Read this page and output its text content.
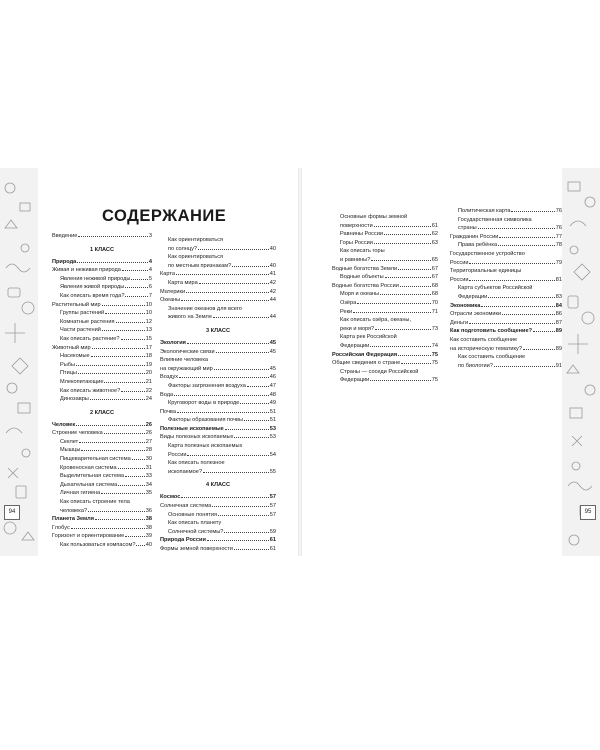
94	95
СОДЕРЖАНИЕ
Введение	3
1 КЛАСС
Природа	4
Живая и неживая природа	4
Явления неживой природы	5
Явления живой природы	6
Как описать время года?	7
Растительный мир	10
Группы растений	10
Комнатные растения	12
Части растений	13
Как описать растение?	15
Животный мир	17
Насекомые	18
Рыбы	19
Птицы	20
Млекопитающие	21
Как описать животное?	22
Динозавры	24
2 КЛАСС
Человек	26
Строение человека	26
Скелет	27
Мышцы	28
Пищеварительная система	30
Кровеносная система	31
Выделительная система	33
Дыхательная система	34
Личная гигиена	35
Как описать строение тела
человека?	36
Планета Земля	38
Глобус	38
Горизонт и ориентирование	39
Как пользоваться компасом? 40
Как ориентироваться
по солнцу?	40
Как ориентироваться
по местным признакам?	40
Карта	41
Карта мира	42
Материки	42
Океаны	44
Значение океанов для всего
живого на Земле	44
3 КЛАСС
Экология	45
Экологические связи	45
Влияние человека
на окружающий мир	45
Воздух	46
Факторы загрязнения воздуха	47
Вода	48
Круговорот воды в природе	49
Почва	51
Факторы образования почвы	51
Полезные ископаемые	53
Виды полезных ископаемых	53
Карта полезных ископаемых
России	54
Как описать полезное
ископаемое?	55
4 КЛАСС
Космос	57
Солнечная система	57
Основные понятия	57
Как описать планету
Солнечной системы?	59
Природа России	61
Формы земной поверхности	61
Основные формы земной
поверхности	61
Равнины России	62
Горы России	63
Как описать горы
и равнины?	65
Водные богатства Земли	67
Водные объекты	67
Водные богатства России	68
Моря и океаны	68
Озёра	70
Реки	71
Как описать озёра, океаны,
реки и моря?	73
Карта рек Российской
Федерации	74
Российская Федерация	75
Общие сведения о стране	75
Страны — соседи Российской
Федерации	75
Политическая карта	76
Государственная символика
страны	76
Гражданин России	77
Права ребёнка	78
Государственное устройство
России	79
Территориальные единицы
России	81
Карта субъектов Российской
Федерации	83
Экономика	84
Отрасли экономики	86
Деньги	87
Как подготовить сообщение?	89
Как составить сообщение
на историческую тематику?	89
Как составить сообщение
по биологии?	91
